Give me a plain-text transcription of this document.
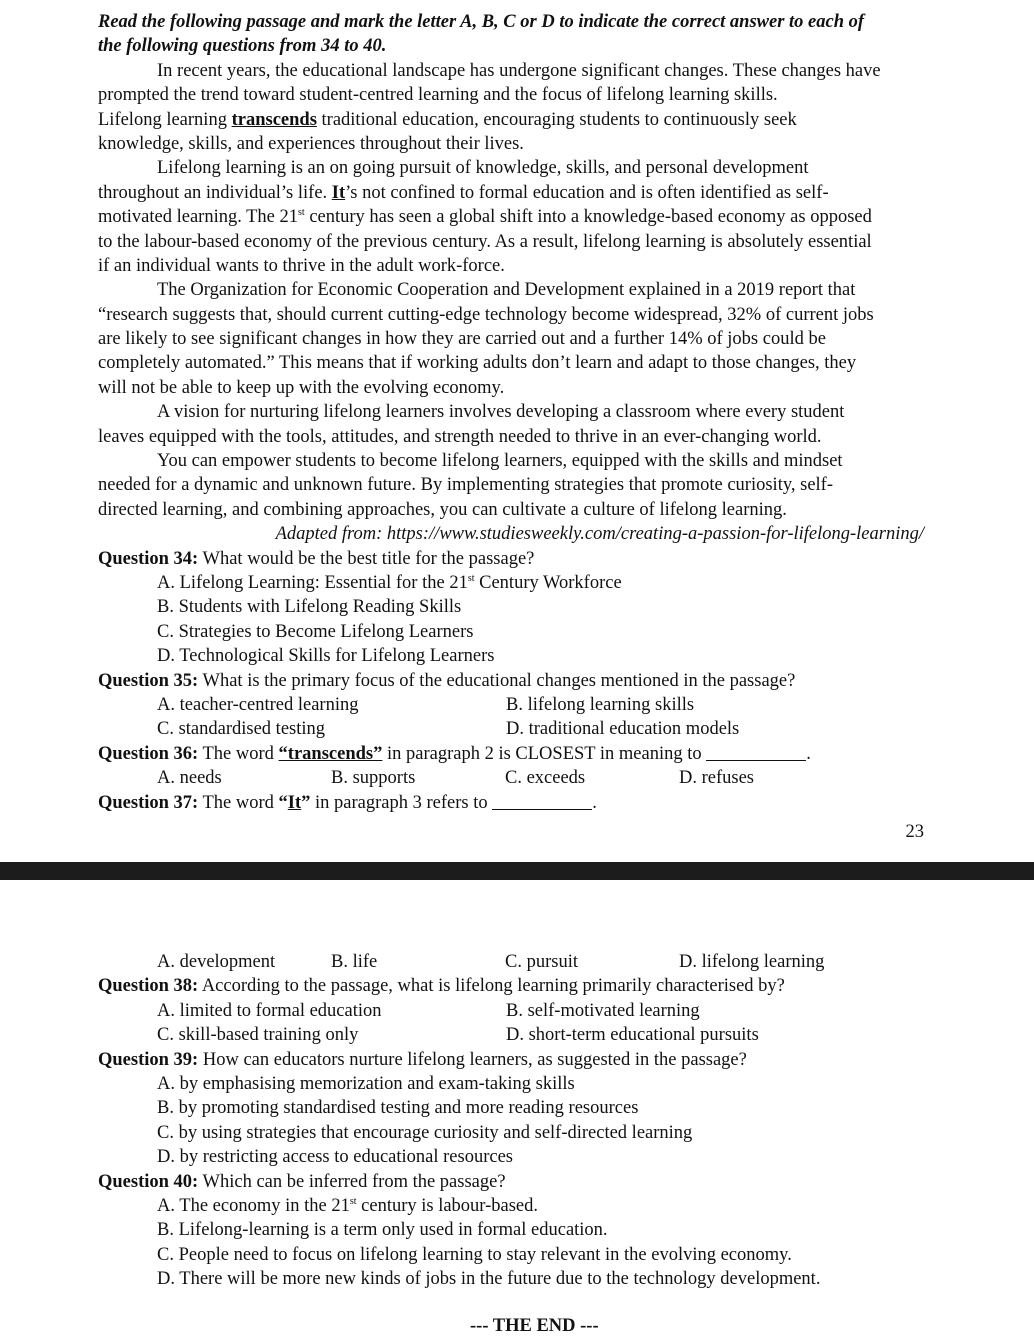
Read the following passage and mark the letter A, B, C or D to indicate the correct answer to each of
the following questions from 34 to 40.
In recent years, the educational landscape has undergone significant changes. These changes have
prompted the trend toward student-centred learning and the focus of lifelong learning skills.
Lifelong learning transcends traditional education, encouraging students to continuously seek
knowledge, skills, and experiences throughout their lives.
Lifelong learning is an on going pursuit of knowledge, skills, and personal development
throughout an individual’s life. It’s not confined to formal education and is often identified as self-
motivated learning. The 21st century has seen a global shift into a knowledge-based economy as opposed
to the labour-based economy of the previous century. As a result, lifelong learning is absolutely essential
if an individual wants to thrive in the adult work-force.
The Organization for Economic Cooperation and Development explained in a 2019 report that
“research suggests that, should current cutting-edge technology become widespread, 32% of current jobs
are likely to see significant changes in how they are carried out and a further 14% of jobs could be
completely automated.” This means that if working adults don’t learn and adapt to those changes, they
will not be able to keep up with the evolving economy.
A vision for nurturing lifelong learners involves developing a classroom where every student
leaves equipped with the tools, attitudes, and strength needed to thrive in an ever-changing world.
You can empower students to become lifelong learners, equipped with the skills and mindset
needed for a dynamic and unknown future. By implementing strategies that promote curiosity, self-
directed learning, and combining approaches, you can cultivate a culture of lifelong learning.
Adapted from: https://www.studiesweekly.com/creating-a-passion-for-lifelong-learning/
Question 34: What would be the best title for the passage?
A. Lifelong Learning: Essential for the 21st Century Workforce
B. Students with Lifelong Reading Skills
C. Strategies to Become Lifelong Learners
D. Technological Skills for Lifelong Learners
Question 35: What is the primary focus of the educational changes mentioned in the passage?
A. teacher-centred learning	B. lifelong learning skills
C. standardised testing	D. traditional education models
Question 36: The word “transcends” in paragraph 2 is CLOSEST in meaning to	.
A. needs	B. supports	C. exceeds	D. refuses
Question 37: The word “It” in paragraph 3 refers to	.
23
A. development	B. life	C. pursuit	D. lifelong learning
Question 38: According to the passage, what is lifelong learning primarily characterised by?
A. limited to formal education	B. self-motivated learning
C. skill-based training only	D. short-term educational pursuits
Question 39: How can educators nurture lifelong learners, as suggested in the passage?
A. by emphasising memorization and exam-taking skills
B. by promoting standardised testing and more reading resources
C. by using strategies that encourage curiosity and self-directed learning
D. by restricting access to educational resources
Question 40: Which can be inferred from the passage?
A. The economy in the 21st century is labour-based.
B. Lifelong-learning is a term only used in formal education.
C. People need to focus on lifelong learning to stay relevant in the evolving economy.
D. There will be more new kinds of jobs in the future due to the technology development.
--- THE END ---
